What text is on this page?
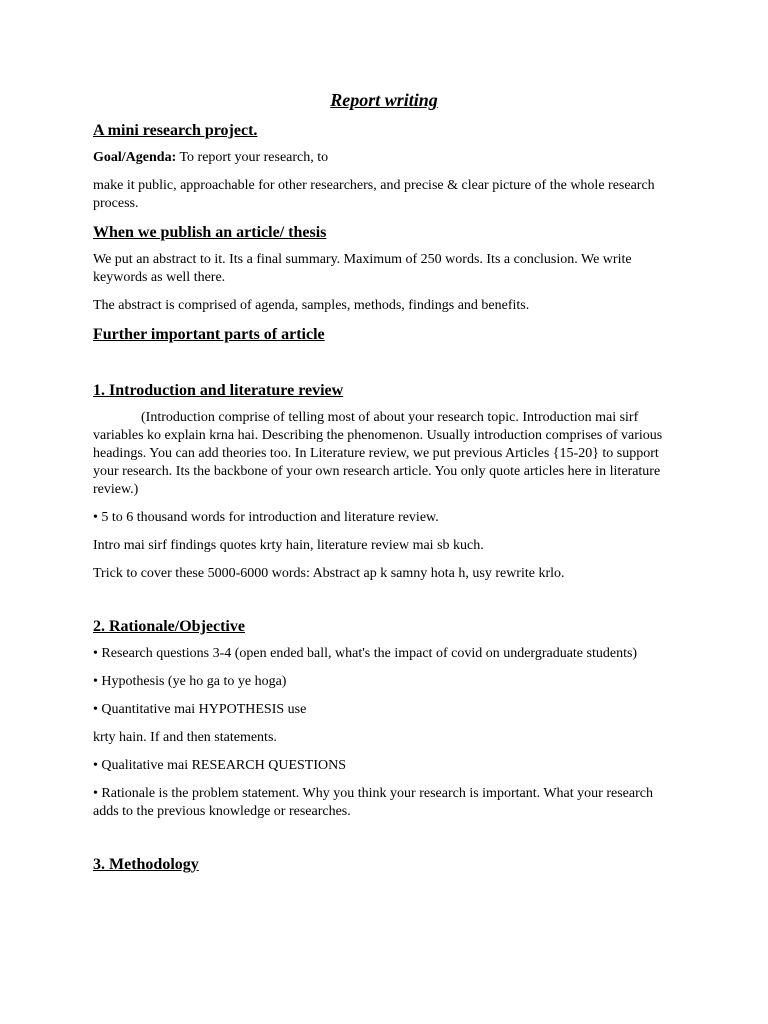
Report writing
A mini research project.

Goal/Agenda: To report your research, to

make it public, approachable for other researchers, and precise & clear picture of the whole research process.

When we publish an article/ thesis

We put an abstract to it. Its a final summary. Maximum of 250 words. Its a conclusion. We write keywords as well there.

The abstract is comprised of agenda, samples, methods, findings and benefits.

Further important parts of article
1. Introduction and literature review

(Introduction comprise of telling most of about your research topic. Introduction mai sirf variables ko explain krna hai. Describing the phenomenon. Usually introduction comprises of various headings. You can add theories too. In Literature review, we put previous Articles {15-20} to support your research. Its the backbone of your own research article. You only quote articles here in literature review.)

• 5 to 6 thousand words for introduction and literature review.

Intro mai sirf findings quotes krty hain, literature review mai sb kuch.

Trick to cover these 5000-6000 words: Abstract ap k samny hota h, usy rewrite krlo.

2. Rationale/Objective

• Research questions 3-4 (open ended ball, what's the impact of covid on undergraduate students)

• Hypothesis (ye ho ga to ye hoga)

• Quantitative mai HYPOTHESIS use

krty hain. If and then statements.

• Qualitative mai RESEARCH QUESTIONS

• Rationale is the problem statement. Why you think your research is important. What your research adds to the previous knowledge or researches.

3. Methodology
